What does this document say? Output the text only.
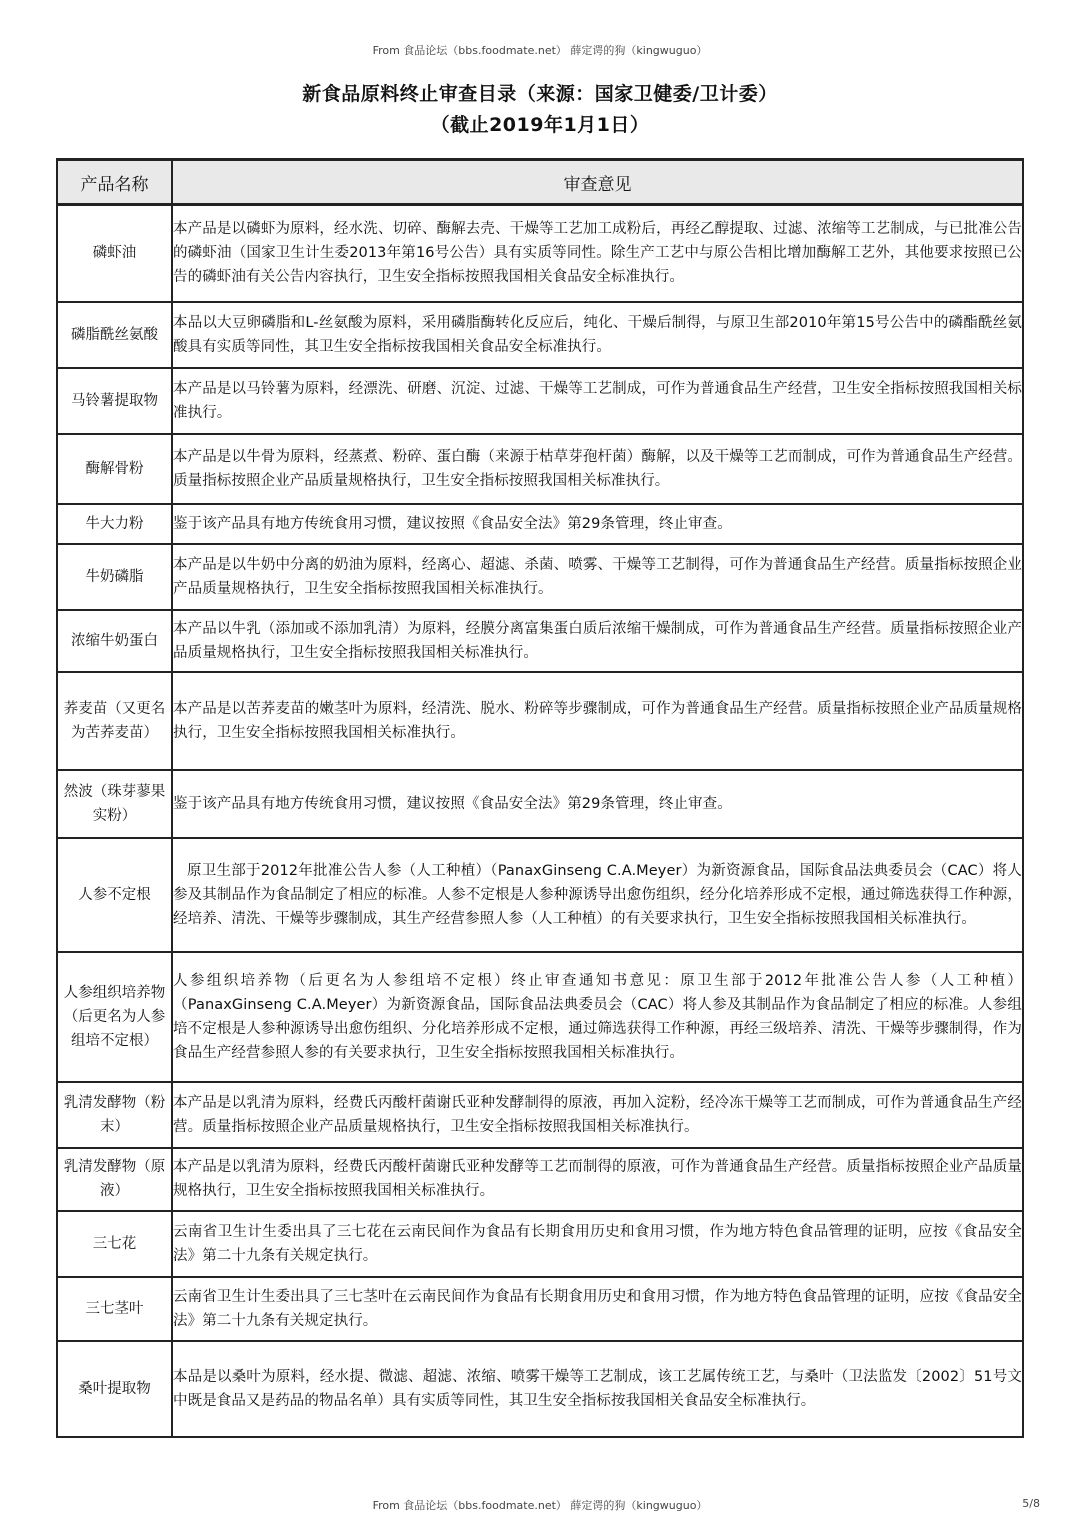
From 食品论坛（bbs.foodmate.net） 薛定谔的狗（kingwuguo）
新食品原料终止审查目录（来源：国家卫健委/卫计委）
（截止2019年1月1日）
产品名称	审查意见
磷虾油	本产品是以磷虾为原料，经水洗、切碎、酶解去壳、干燥等工艺加工成粉后，再经乙醇提取、过滤、浓缩等工艺制成，与已批准公告的磷虾油（国家卫生计生委2013年第16号公告）具有实质等同性。除生产工艺中与原公告相比增加酶解工艺外，其他要求按照已公告的磷虾油有关公告内容执行，卫生安全指标按照我国相关食品安全标准执行。
磷脂酰丝氨酸	本品以大豆卵磷脂和L-丝氨酸为原料，采用磷脂酶转化反应后，纯化、干燥后制得，与原卫生部2010年第15号公告中的磷酯酰丝氨酸具有实质等同性，其卫生安全指标按我国相关食品安全标准执行。
马铃薯提取物	本产品是以马铃薯为原料，经漂洗、研磨、沉淀、过滤、干燥等工艺制成，可作为普通食品生产经营，卫生安全指标按照我国相关标准执行。
酶解骨粉	本产品是以牛骨为原料，经蒸煮、粉碎、蛋白酶（来源于枯草芽孢杆菌）酶解，以及干燥等工艺而制成，可作为普通食品生产经营。质量指标按照企业产品质量规格执行，卫生安全指标按照我国相关标准执行。
牛大力粉	鉴于该产品具有地方传统食用习惯，建议按照《食品安全法》第29条管理，终止审查。
牛奶磷脂	本产品是以牛奶中分离的奶油为原料，经离心、超滤、杀菌、喷雾、干燥等工艺制得，可作为普通食品生产经营。质量指标按照企业产品质量规格执行，卫生安全指标按照我国相关标准执行。
浓缩牛奶蛋白	本产品以牛乳（添加或不添加乳清）为原料，经膜分离富集蛋白质后浓缩干燥制成，可作为普通食品生产经营。质量指标按照企业产品质量规格执行，卫生安全指标按照我国相关标准执行。
荞麦苗（又更名为苦荞麦苗）	本产品是以苦荞麦苗的嫩茎叶为原料，经清洗、脱水、粉碎等步骤制成，可作为普通食品生产经营。质量指标按照企业产品质量规格执行，卫生安全指标按照我国相关标准执行。
然波（珠芽蓼果实粉）	鉴于该产品具有地方传统食用习惯，建议按照《食品安全法》第29条管理，终止审查。
人参不定根	原卫生部于2012年批准公告人参（人工种植）（PanaxGinseng C.A.Meyer）为新资源食品，国际食品法典委员会（CAC）将人参及其制品作为食品制定了相应的标准。人参不定根是人参种源诱导出愈伤组织，经分化培养形成不定根，通过筛选获得工作种源，经培养、清洗、干燥等步骤制成，其生产经营参照人参（人工种植）的有关要求执行，卫生安全指标按照我国相关标准执行。
人参组织培养物（后更名为人参组培不定根）	人参组织培养物（后更名为人参组培不定根）终止审查通知书意见：原卫生部于2012年批准公告人参（人工种植）（PanaxGinseng C.A.Meyer）为新资源食品，国际食品法典委员会（CAC）将人参及其制品作为食品制定了相应的标准。人参组培不定根是人参种源诱导出愈伤组织、分化培养形成不定根，通过筛选获得工作种源，再经三级培养、清洗、干燥等步骤制得，作为食品生产经营参照人参的有关要求执行，卫生安全指标按照我国相关标准执行。
乳清发酵物（粉末）	本产品是以乳清为原料，经费氏丙酸杆菌谢氏亚种发酵制得的原液，再加入淀粉，经冷冻干燥等工艺而制成，可作为普通食品生产经营。质量指标按照企业产品质量规格执行，卫生安全指标按照我国相关标准执行。
乳清发酵物（原液）	本产品是以乳清为原料，经费氏丙酸杆菌谢氏亚种发酵等工艺而制得的原液，可作为普通食品生产经营。质量指标按照企业产品质量规格执行，卫生安全指标按照我国相关标准执行。
三七花	云南省卫生计生委出具了三七花在云南民间作为食品有长期食用历史和食用习惯，作为地方特色食品管理的证明，应按《食品安全法》第二十九条有关规定执行。
三七茎叶	云南省卫生计生委出具了三七茎叶在云南民间作为食品有长期食用历史和食用习惯，作为地方特色食品管理的证明，应按《食品安全法》第二十九条有关规定执行。
桑叶提取物	本品是以桑叶为原料，经水提、微滤、超滤、浓缩、喷雾干燥等工艺制成，该工艺属传统工艺，与桑叶（卫法监发〔2002〕51号文中既是食品又是药品的物品名单）具有实质等同性，其卫生安全指标按我国相关食品安全标准执行。
From 食品论坛（bbs.foodmate.net） 薛定谔的狗（kingwuguo）	5/8
